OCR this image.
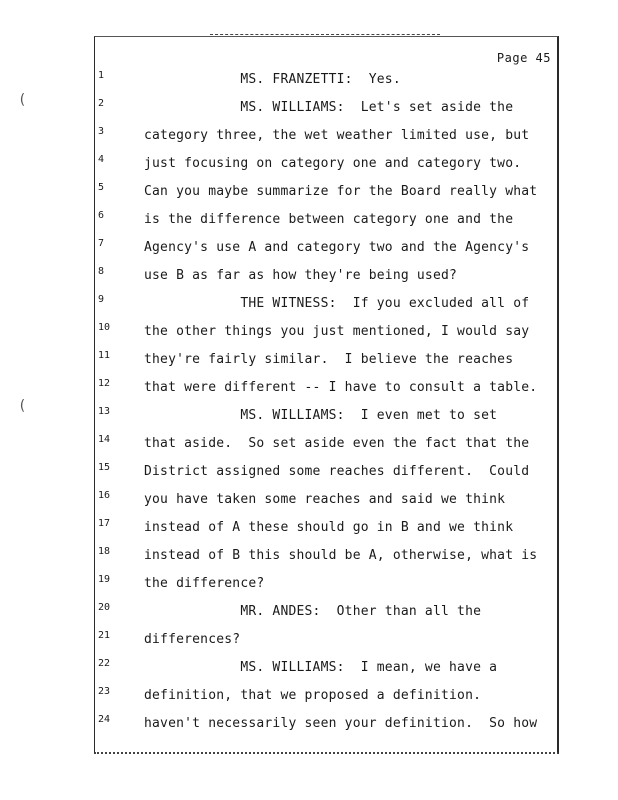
Page 45
(
(
1	MS. FRANZETTI:  Yes.
2	MS. WILLIAMS:  Let's set aside the
3	category three, the wet weather limited use, but
4	just focusing on category one and category two.
5	Can you maybe summarize for the Board really what
6	is the difference between category one and the
7	Agency's use A and category two and the Agency's
8	use B as far as how they're being used?
9	THE WITNESS:  If you excluded all of
10	the other things you just mentioned, I would say
11	they're fairly similar.  I believe the reaches
12	that were different -- I have to consult a table.
13	MS. WILLIAMS:  I even met to set
14	that aside.  So set aside even the fact that the
15	District assigned some reaches different.  Could
16	you have taken some reaches and said we think
17	instead of A these should go in B and we think
18	instead of B this should be A, otherwise, what is
19	the difference?
20	MR. ANDES:  Other than all the
21	differences?
22	MS. WILLIAMS:  I mean, we have a
23	definition, that we proposed a definition.
24	haven't necessarily seen your definition.  So how
